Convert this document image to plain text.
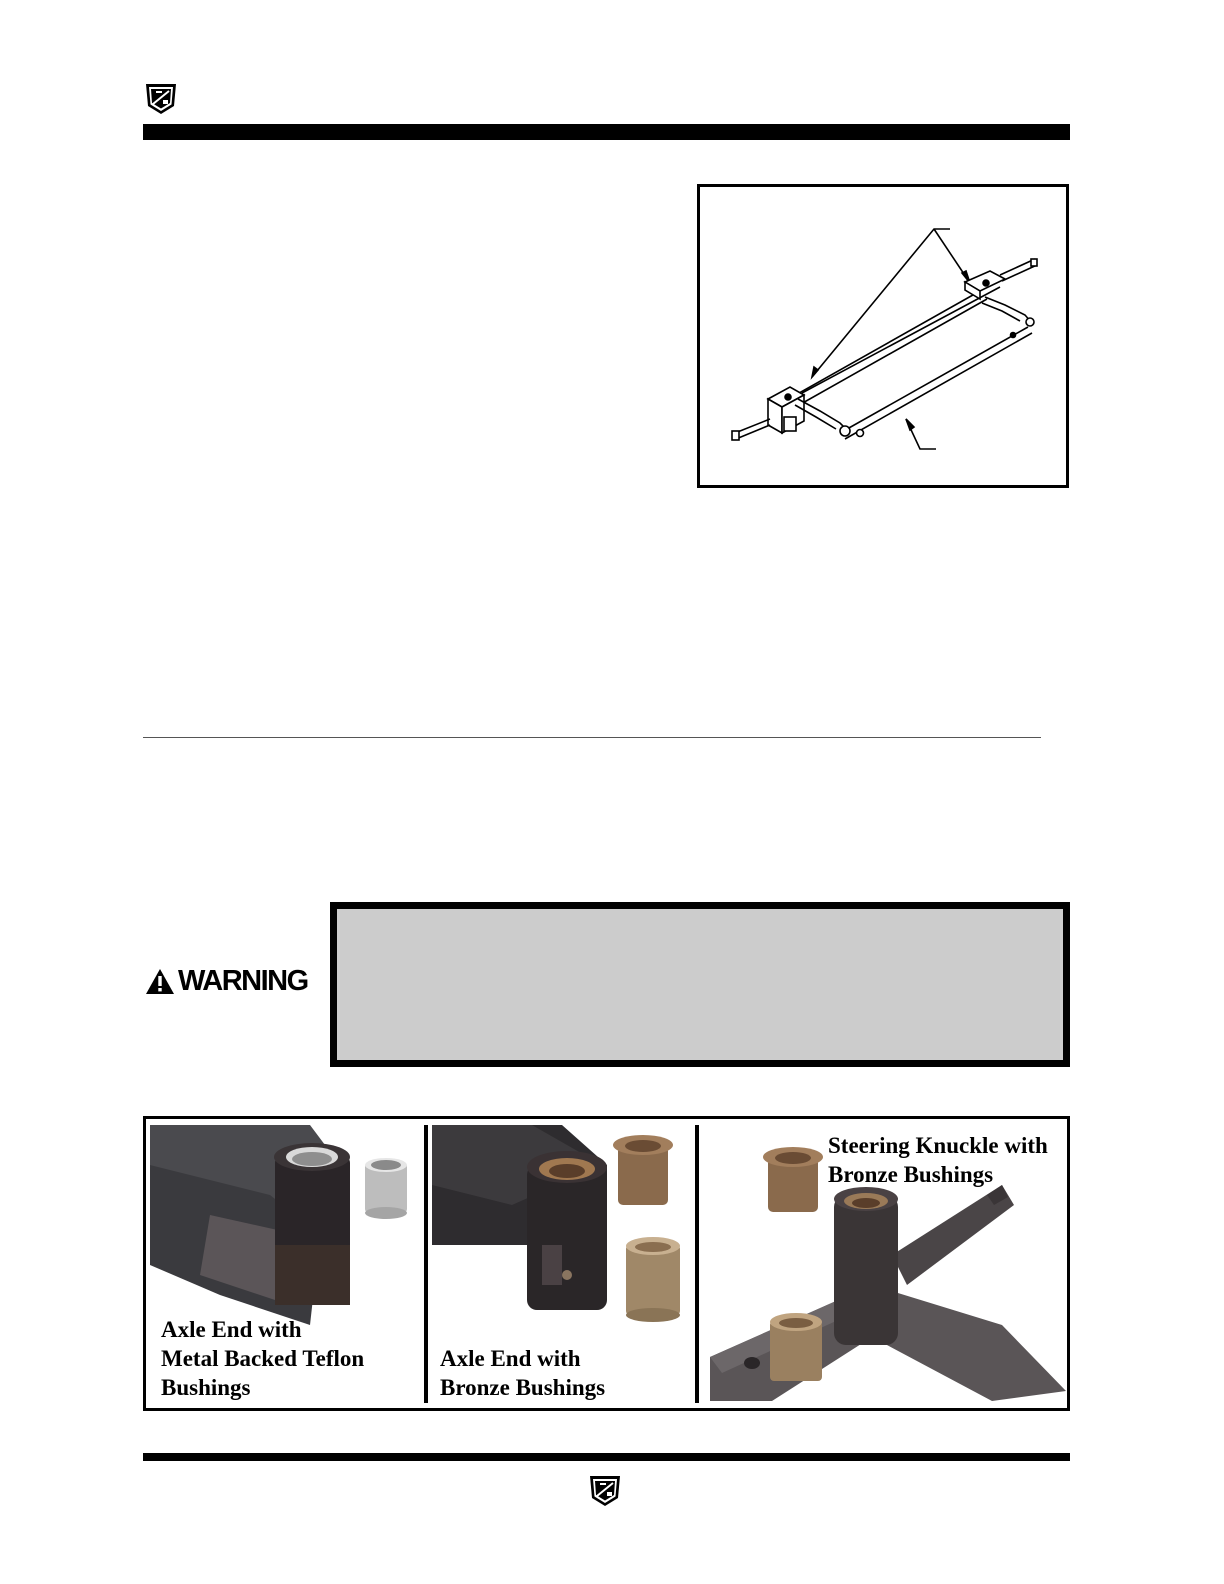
WARNING
Axle End with
Metal Backed Teflon
Bushings
Axle End with
Bronze Bushings
Steering Knuckle with
Bronze Bushings
